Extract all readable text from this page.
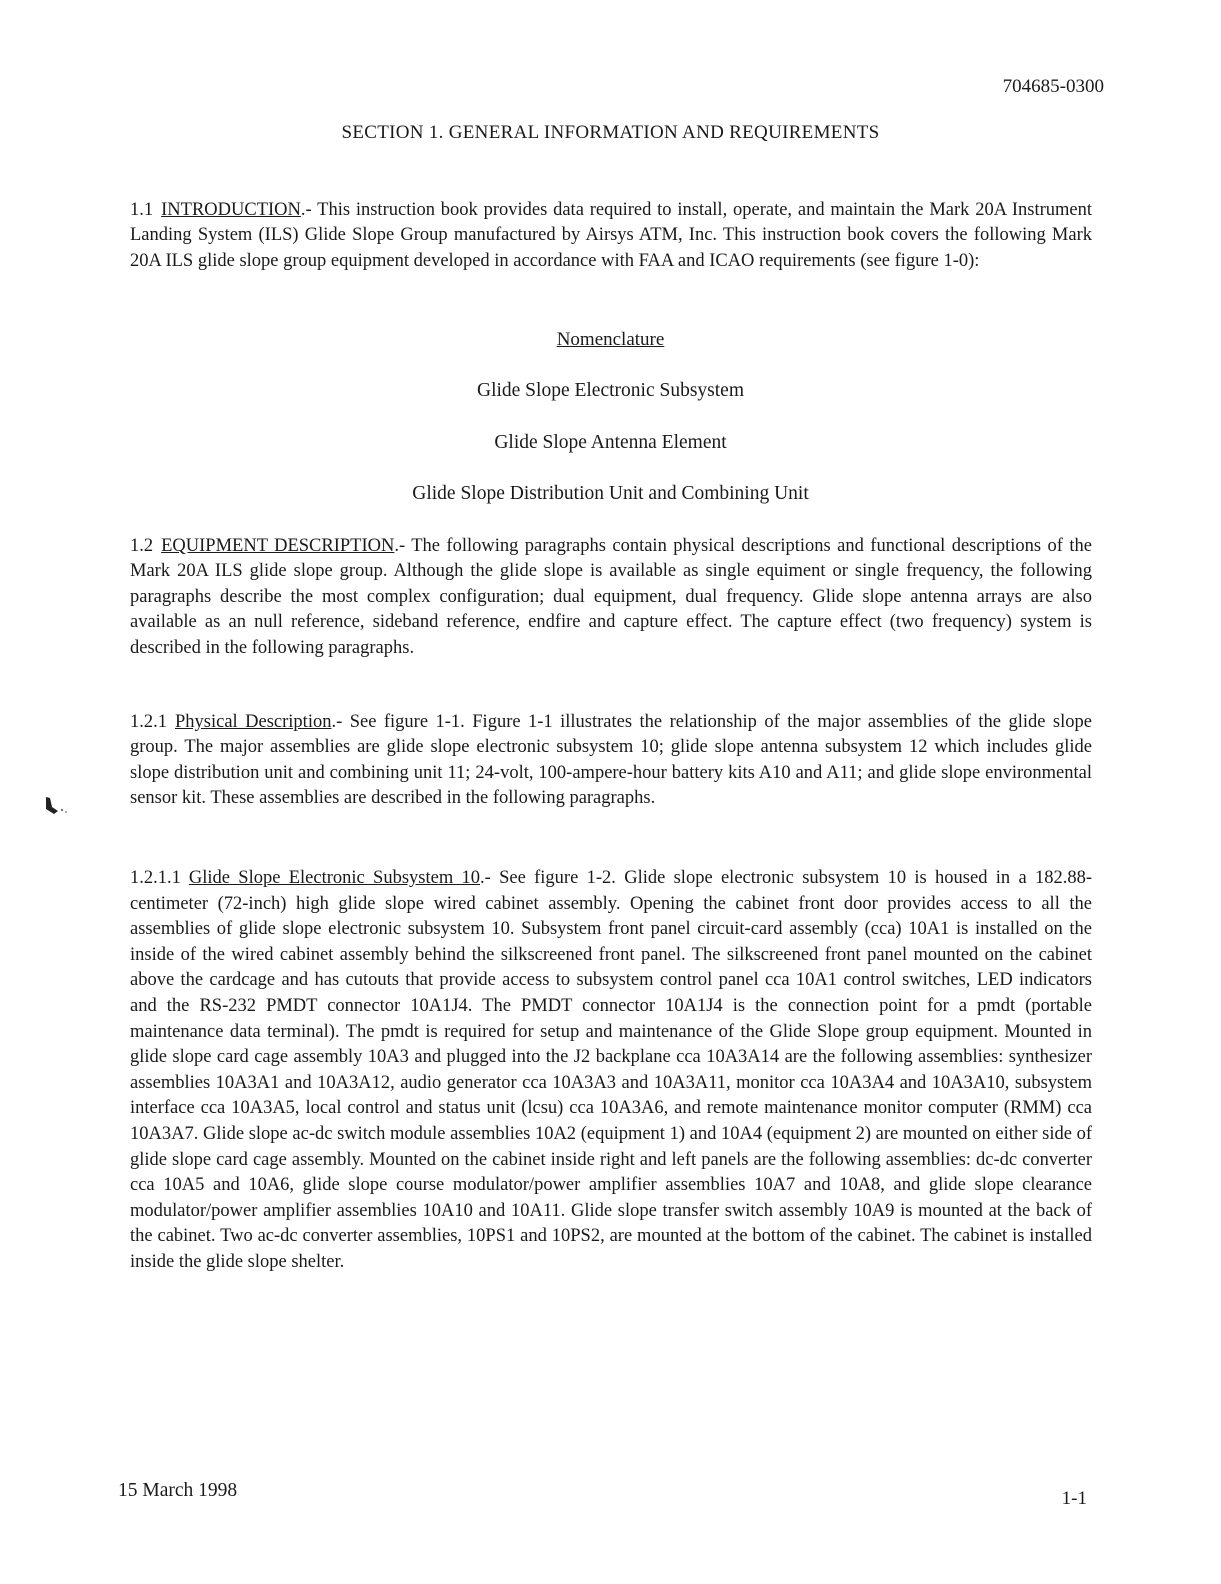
704685-0300
SECTION 1. GENERAL INFORMATION AND REQUIREMENTS
1.1 INTRODUCTION.- This instruction book provides data required to install, operate, and maintain the Mark 20A Instrument Landing System (ILS) Glide Slope Group manufactured by Airsys ATM, Inc. This instruction book covers the following Mark 20A ILS glide slope group equipment developed in accordance with FAA and ICAO requirements (see figure 1-0):
Nomenclature
Glide Slope Electronic Subsystem
Glide Slope Antenna Element
Glide Slope Distribution Unit and Combining Unit
1.2 EQUIPMENT DESCRIPTION.- The following paragraphs contain physical descriptions and functional descriptions of the Mark 20A ILS glide slope group. Although the glide slope is available as single equiment or single frequency, the following paragraphs describe the most complex configuration; dual equipment, dual frequency. Glide slope antenna arrays are also available as an null reference, sideband reference, endfire and capture effect. The capture effect (two frequency) system is described in the following paragraphs.
1.2.1 Physical Description.- See figure 1-1. Figure 1-1 illustrates the relationship of the major assemblies of the glide slope group. The major assemblies are glide slope electronic subsystem 10; glide slope antenna subsystem 12 which includes glide slope distribution unit and combining unit 11; 24-volt, 100-ampere-hour battery kits A10 and A11; and glide slope environmental sensor kit. These assemblies are described in the following paragraphs.
1.2.1.1 Glide Slope Electronic Subsystem 10.- See figure 1-2. Glide slope electronic subsystem 10 is housed in a 182.88-centimeter (72-inch) high glide slope wired cabinet assembly. Opening the cabinet front door provides access to all the assemblies of glide slope electronic subsystem 10. Subsystem front panel circuit-card assembly (cca) 10A1 is installed on the inside of the wired cabinet assembly behind the silkscreened front panel. The silkscreened front panel mounted on the cabinet above the cardcage and has cutouts that provide access to subsystem control panel cca 10A1 control switches, LED indicators and the RS-232 PMDT connector 10A1J4. The PMDT connector 10A1J4 is the connection point for a pmdt (portable maintenance data terminal). The pmdt is required for setup and maintenance of the Glide Slope group equipment. Mounted in glide slope card cage assembly 10A3 and plugged into the J2 backplane cca 10A3A14 are the following assemblies: synthesizer assemblies 10A3A1 and 10A3A12, audio generator cca 10A3A3 and 10A3A11, monitor cca 10A3A4 and 10A3A10, subsystem interface cca 10A3A5, local control and status unit (lcsu) cca 10A3A6, and remote maintenance monitor computer (RMM) cca 10A3A7. Glide slope ac-dc switch module assemblies 10A2 (equipment 1) and 10A4 (equipment 2) are mounted on either side of glide slope card cage assembly. Mounted on the cabinet inside right and left panels are the following assemblies: dc-dc converter cca 10A5 and 10A6, glide slope course modulator/power amplifier assemblies 10A7 and 10A8, and glide slope clearance modulator/power amplifier assemblies 10A10 and 10A11. Glide slope transfer switch assembly 10A9 is mounted at the back of the cabinet. Two ac-dc converter assemblies, 10PS1 and 10PS2, are mounted at the bottom of the cabinet. The cabinet is installed inside the glide slope shelter.
15 March 1998	1-1
